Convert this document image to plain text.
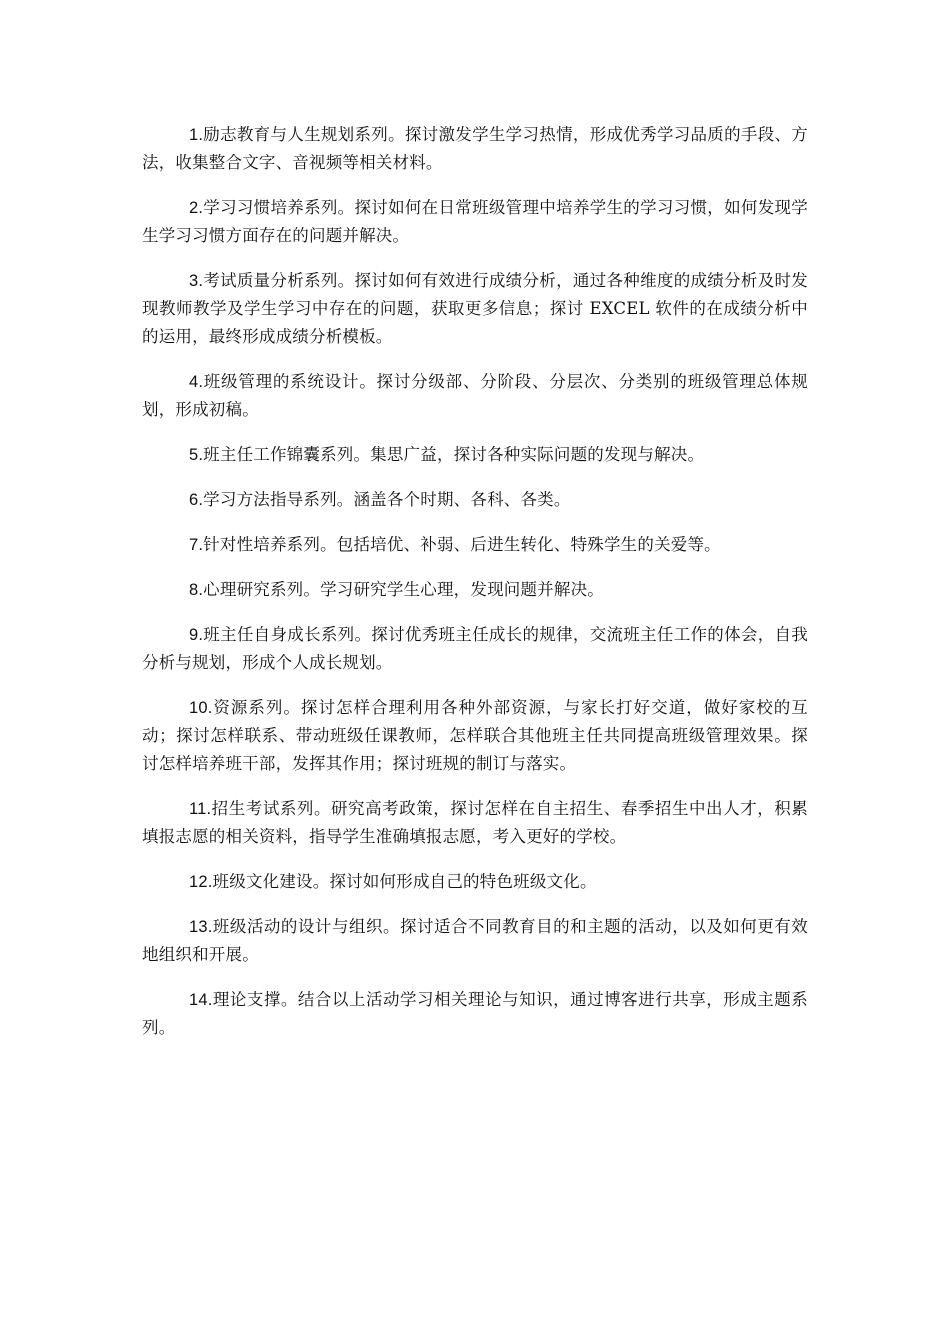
1.励志教育与人生规划系列。探讨激发学生学习热情，形成优秀学习品质的手段、方法，收集整合文字、音视频等相关材料。

2.学习习惯培养系列。探讨如何在日常班级管理中培养学生的学习习惯，如何发现学生学习习惯方面存在的问题并解决。

3.考试质量分析系列。探讨如何有效进行成绩分析，通过各种维度的成绩分析及时发现教师教学及学生学习中存在的问题，获取更多信息；探讨 EXCEL 软件的在成绩分析中的运用，最终形成成绩分析模板。

4.班级管理的系统设计。探讨分级部、分阶段、分层次、分类别的班级管理总体规划，形成初稿。

5.班主任工作锦囊系列。集思广益，探讨各种实际问题的发现与解决。

6.学习方法指导系列。涵盖各个时期、各科、各类。

7.针对性培养系列。包括培优、补弱、后进生转化、特殊学生的关爱等。

8.心理研究系列。学习研究学生心理，发现问题并解决。

9.班主任自身成长系列。探讨优秀班主任成长的规律，交流班主任工作的体会，自我分析与规划，形成个人成长规划。

10.资源系列。探讨怎样合理利用各种外部资源，与家长打好交道，做好家校的互动；探讨怎样联系、带动班级任课教师，怎样联合其他班主任共同提高班级管理效果。探讨怎样培养班干部，发挥其作用；探讨班规的制订与落实。

11.招生考试系列。研究高考政策，探讨怎样在自主招生、春季招生中出人才，积累填报志愿的相关资料，指导学生准确填报志愿，考入更好的学校。

12.班级文化建设。探讨如何形成自己的特色班级文化。

13.班级活动的设计与组织。探讨适合不同教育目的和主题的活动，以及如何更有效地组织和开展。

14.理论支撑。结合以上活动学习相关理论与知识，通过博客进行共享，形成主题系列。
